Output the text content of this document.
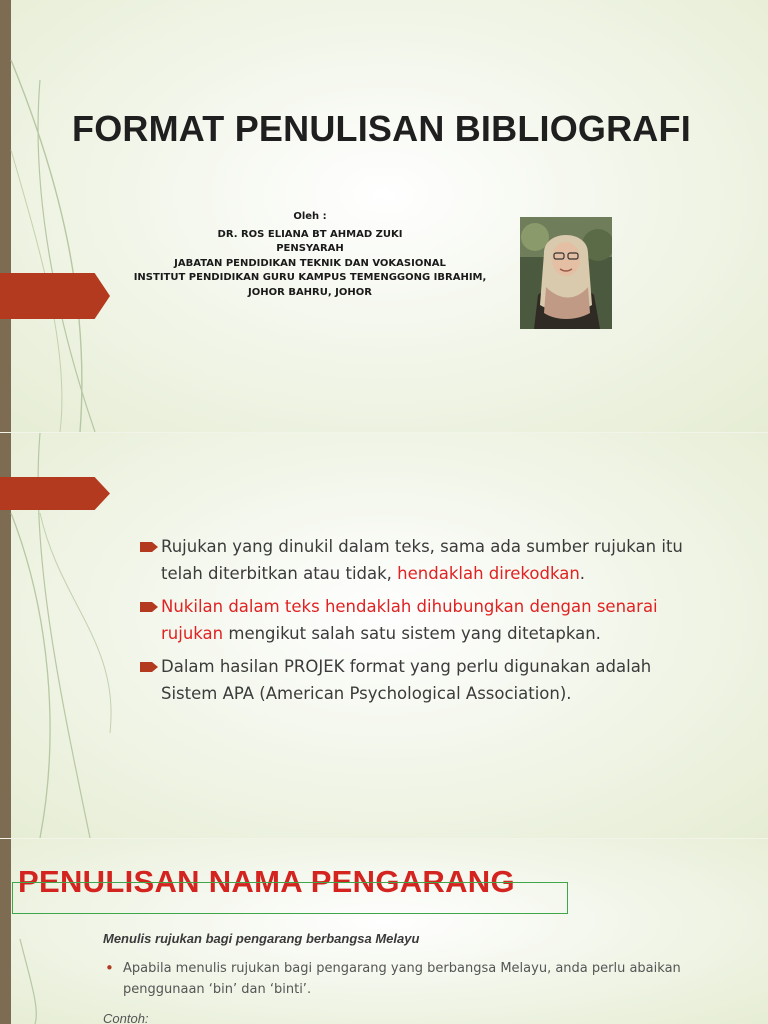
FORMAT PENULISAN BIBLIOGRAFI
Oleh :
DR. ROS ELIANA BT AHMAD ZUKI
PENSYARAH
JABATAN PENDIDIKAN TEKNIK DAN VOKASIONAL
INSTITUT PENDIDIKAN GURU KAMPUS TEMENGGONG IBRAHIM,
JOHOR BAHRU, JOHOR
Rujukan yang dinukil dalam teks, sama ada sumber rujukan itu telah diterbitkan atau tidak, hendaklah direkodkan.
Nukilan dalam teks hendaklah dihubungkan dengan senarai rujukan mengikut salah satu sistem yang ditetapkan.
Dalam hasilan PROJEK format yang perlu digunakan adalah Sistem APA (American Psychological Association).
PENULISAN NAMA PENGARANG
Menulis rujukan bagi pengarang berbangsa Melayu
• Apabila menulis rujukan bagi pengarang yang berbangsa Melayu, anda perlu abaikan penggunaan ‘bin’ dan ‘binti’.
Contoh:
